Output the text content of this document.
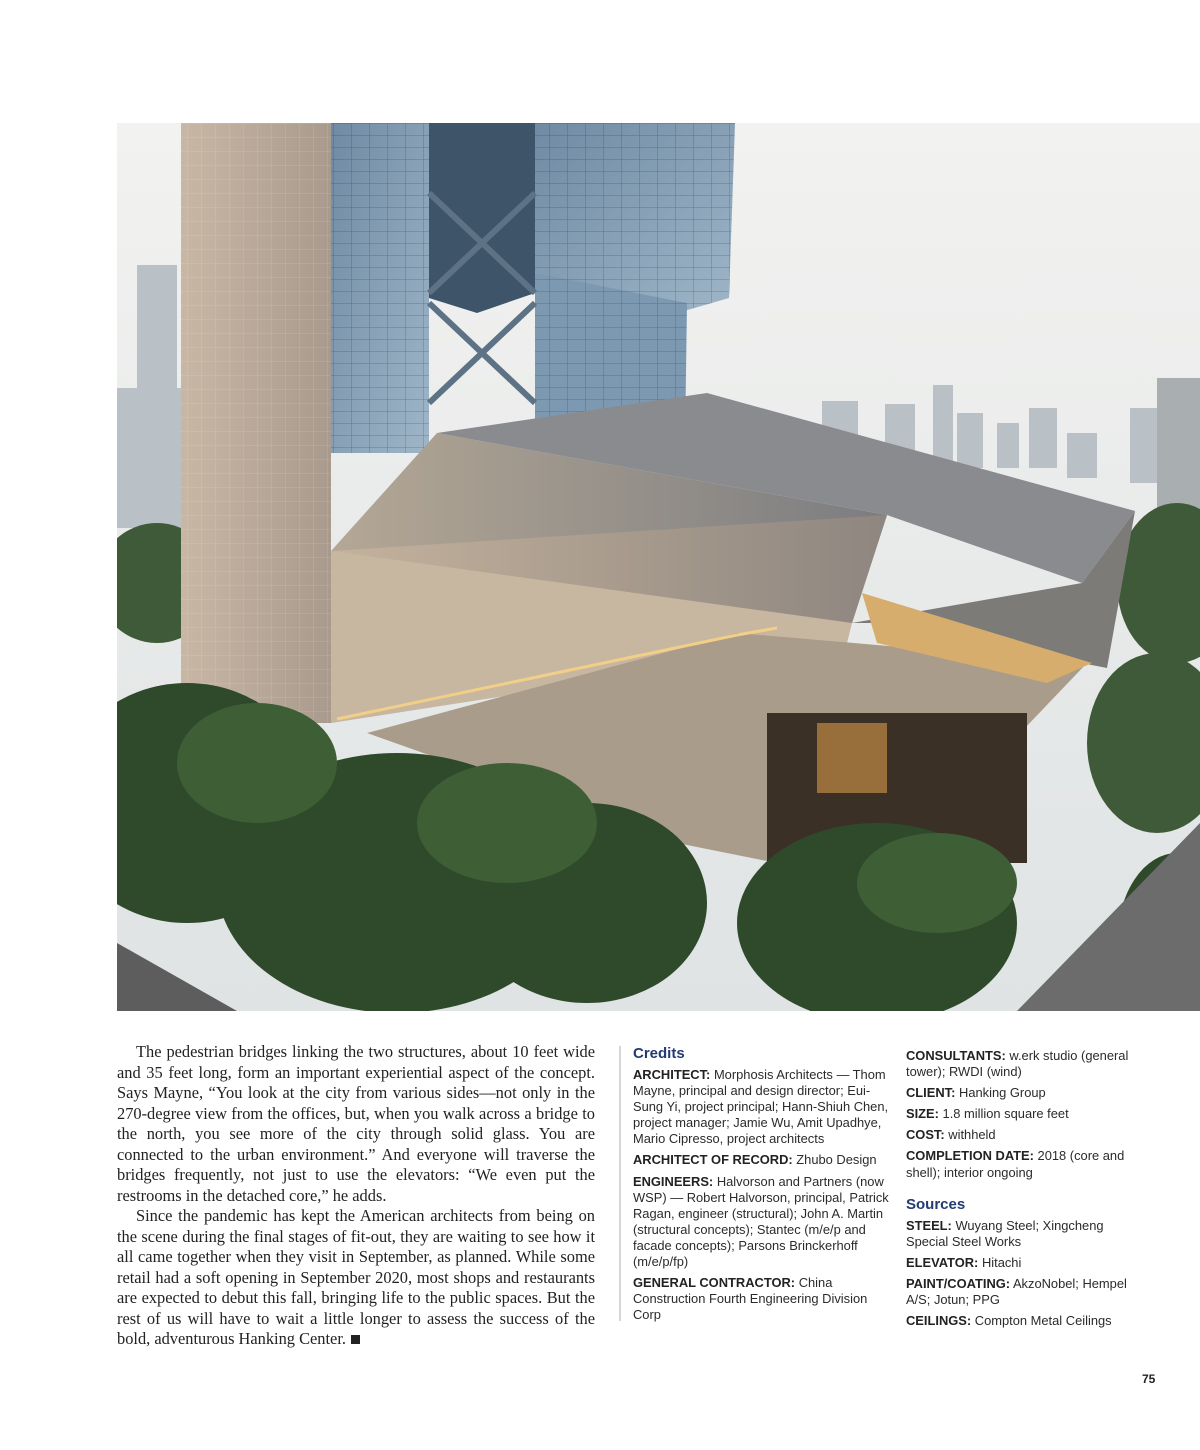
The pedestrian bridges linking the two structures, about 10 feet wide and 35 feet long, form an important experiential aspect of the concept. Says Mayne, “You look at the city from various sides—not only in the 270-degree view from the offices, but, when you walk across a bridge to the north, you see more of the city through solid glass. You are connected to the urban environment.” And everyone will traverse the bridges frequently, not just to use the elevators: “We even put the restrooms in the detached core,” he adds.

Since the pandemic has kept the American architects from being on the scene during the final stages of fit-out, they are waiting to see how it all came together when they visit in September, as planned. While some retail had a soft opening in September 2020, most shops and restaurants are expected to debut this fall, bringing life to the public spaces. But the rest of us will have to wait a little longer to assess the success of the bold, adventurous Hanking Center.

Credits
ARCHITECT: Morphosis Architects — Thom Mayne, principal and design director; Eui-Sung Yi, project principal; Hann-Shiuh Chen, project manager; Jamie Wu, Amit Upadhye, Mario Cipresso, project architects
ARCHITECT OF RECORD: Zhubo Design
ENGINEERS: Halvorson and Partners (now WSP) — Robert Halvorson, principal, Patrick Ragan, engineer (structural); John A. Martin (structural concepts); Stantec (m/e/p and facade concepts); Parsons Brinckerhoff (m/e/p/fp)
GENERAL CONTRACTOR: China Construction Fourth Engineering Division Corp
CONSULTANTS: w.erk studio (general tower); RWDI (wind)
CLIENT: Hanking Group
SIZE: 1.8 million square feet
COST: withheld
COMPLETION DATE: 2018 (core and shell); interior ongoing
Sources
STEEL: Wuyang Steel; Xingcheng Special Steel Works
ELEVATOR: Hitachi
PAINT/COATING: AkzoNobel; Hempel A/S; Jotun; PPG
CEILINGS: Compton Metal Ceilings
75
